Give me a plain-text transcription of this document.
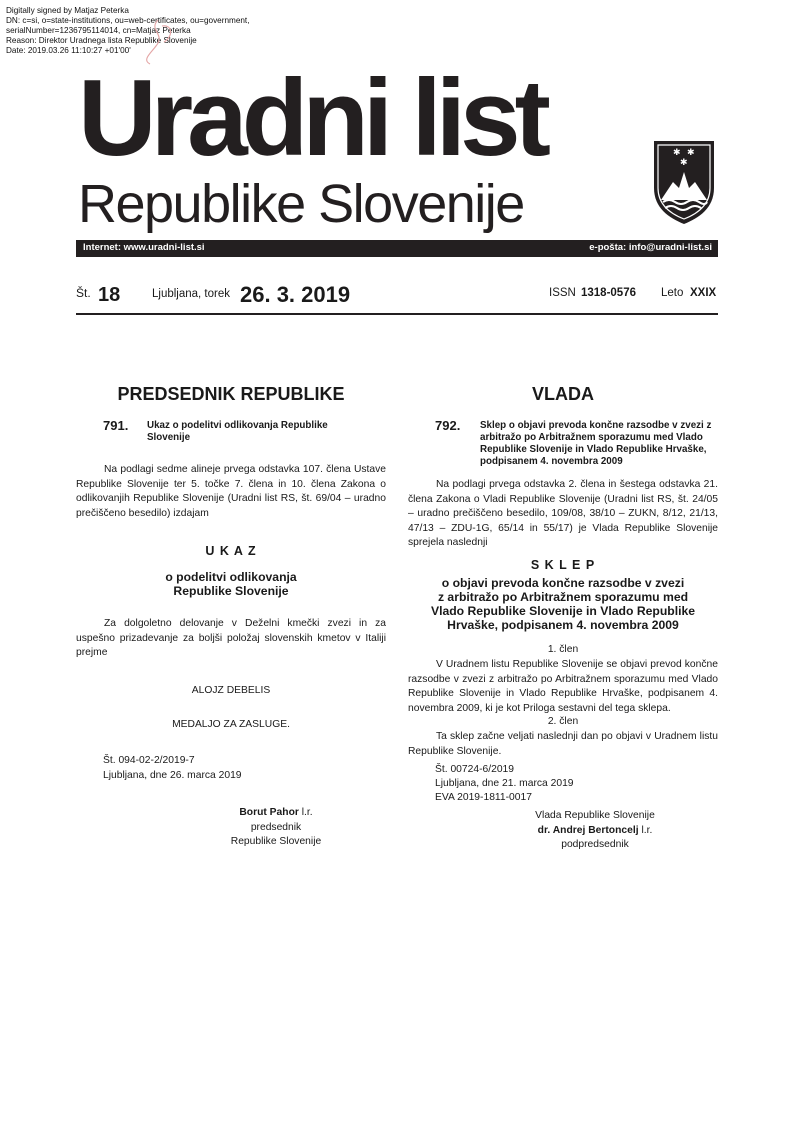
Digitally signed by Matjaz Peterka
DN: c=si, o=state-institutions, ou=web-certificates, ou=government,
serialNumber=1236795114014, cn=Matjaz Peterka
Reason: Direktor Uradnega lista Republike Slovenije
Date: 2019.03.26 11:10:27 +01'00'
Uradni list
Republike Slovenije
✱ ✱
✱
Internet: www.uradni-list.si	e-pošta: info@uradni-list.si
Št. 18	Ljubljana, torek 26. 3. 2019	ISSN 1318-0576 Leto XXIX
PREDSEDNIK REPUBLIKE
791. Ukaz o podelitvi odlikovanja Republike Slovenije
Na podlagi sedme alineje prvega odstavka 107. člena Ustave Republike Slovenije ter 5. točke 7. člena in 10. člena Zakona o odlikovanjih Republike Slovenije (Uradni list RS, št. 69/04 – uradno prečiščeno besedilo) izdajam
U K A Z
o podelitvi odlikovanja
Republike Slovenije
Za dolgoletno delovanje v Deželni kmečki zvezi in za uspešno prizadevanje za boljši položaj slovenskih kmetov v Italiji prejme
ALOJZ DEBELIS
MEDALJO ZA ZASLUGE.
Št. 094-02-2/2019-7
Ljubljana, dne 26. marca 2019
Borut Pahor l.r.
predsednik
Republike Slovenije
VLADA
792. Sklep o objavi prevoda končne razsodbe v zvezi z arbitražo po Arbitražnem sporazumu med Vlado Republike Slovenije in Vlado Republike Hrvaške, podpisanem 4. novembra 2009
Na podlagi prvega odstavka 2. člena in šestega odstavka 21. člena Zakona o Vladi Republike Slovenije (Uradni list RS, št. 24/05 – uradno prečiščeno besedilo, 109/08, 38/10 – ZUKN, 8/12, 21/13, 47/13 – ZDU-1G, 65/14 in 55/17) je Vlada Republike Slovenije sprejela naslednji
S K L E P
o objavi prevoda končne razsodbe v zvezi
z arbitražo po Arbitražnem sporazumu med
Vlado Republike Slovenije in Vlado Republike
Hrvaške, podpisanem 4. novembra 2009
1. člen
V Uradnem listu Republike Slovenije se objavi prevod končne razsodbe v zvezi z arbitražo po Arbitražnem sporazumu med Vlado Republike Slovenije in Vlado Republike Hrvaške, podpisanem 4. novembra 2009, ki je kot Priloga sestavni del tega sklepa.
2. člen
Ta sklep začne veljati naslednji dan po objavi v Uradnem listu Republike Slovenije.
Št. 00724-6/2019
Ljubljana, dne 21. marca 2019
EVA 2019-1811-0017
Vlada Republike Slovenije
dr. Andrej Bertoncelj l.r.
podpredsednik
